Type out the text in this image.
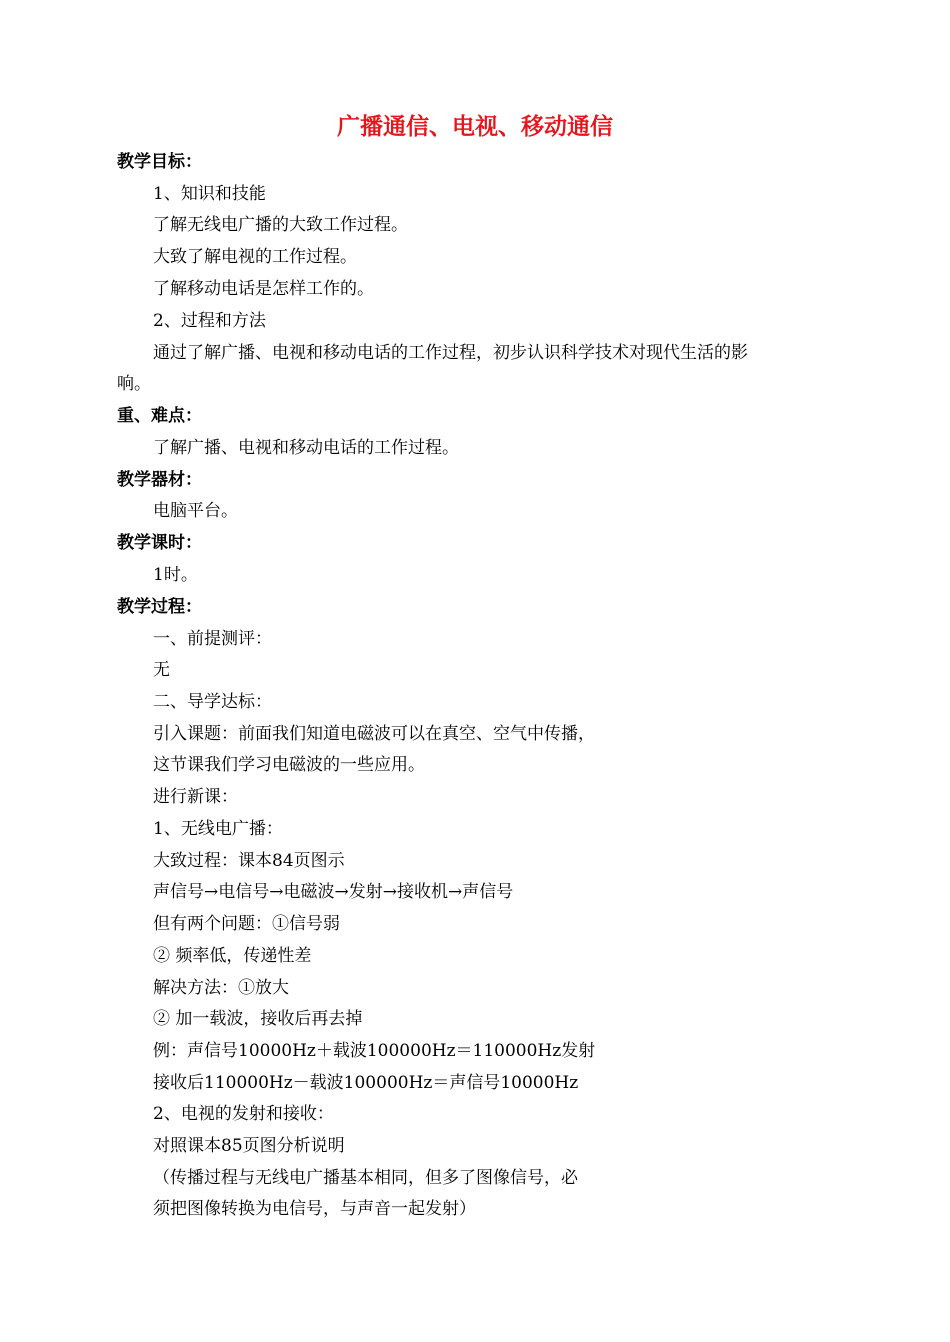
广播通信、电视、移动通信
教学目标：
1、知识和技能
了解无线电广播的大致工作过程。
大致了解电视的工作过程。
了解移动电话是怎样工作的。
2、过程和方法
通过了解广播、电视和移动电话的工作过程，初步认识科学技术对现代生活的影
响。
重、难点：
了解广播、电视和移动电话的工作过程。
教学器材：
电脑平台。
教学课时：
1时。
教学过程：
一、前提测评：
无
二、导学达标：
引入课题：前面我们知道电磁波可以在真空、空气中传播，
这节课我们学习电磁波的一些应用。
进行新课：
1、无线电广播：
大致过程：课本84页图示
声信号→电信号→电磁波→发射→接收机→声信号
但有两个问题：①信号弱
② 频率低，传递性差
解决方法：①放大
② 加一载波，接收后再去掉
例：声信号10000Hz＋载波100000Hz＝110000Hz发射
接收后110000Hz－载波100000Hz＝声信号10000Hz
2、电视的发射和接收：
对照课本85页图分析说明
（传播过程与无线电广播基本相同，但多了图像信号，必
须把图像转换为电信号，与声音一起发射）
